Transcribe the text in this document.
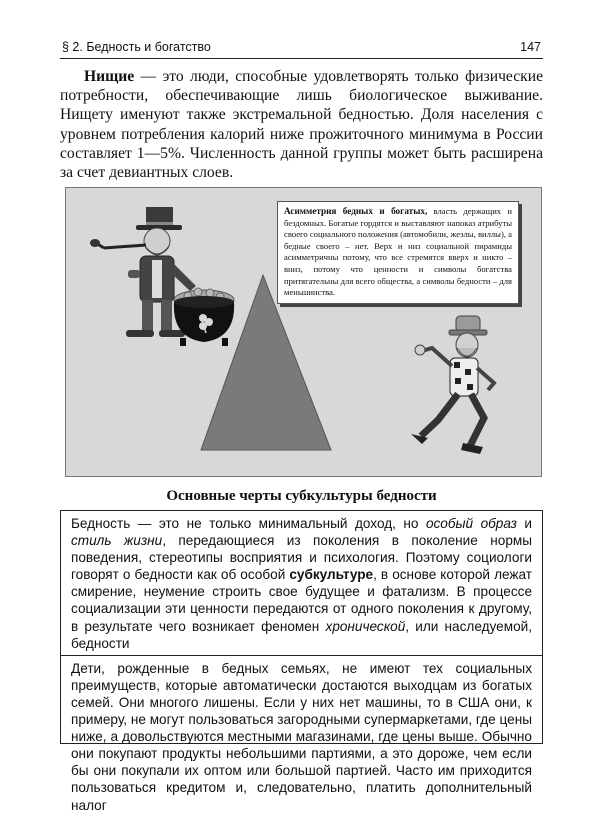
§ 2. Бедность и богатство	147

Нищие — это люди, способные удовлетворять только физические потребности, обеспечивающие лишь биологическое выживание. Нищету именуют также экстремальной бедностью. Доля населения с уровнем потребления калорий ниже прожиточного минимума в России составляет 1—5%. Численность данной группы может быть расширена за счет девиантных слоев.

Асимметрия бедных и богатых, власть держащих и бездомных. Богатые гордятся и выставляют напоказ атрибуты своего социального положения (автомобили, жезлы, виллы), а бедные своего – нет. Верх и низ социальной пирамиды асимметричны потому, что все стремятся вверх и никто – вниз, потому что ценности и символы богатства притягательны для всего общества, а символы бедности – для меньшинства.
Основные черты субкультуры бедности

Бедность — это не только минимальный доход, но особый образ и стиль жизни, передающиеся из поколения в поколение нормы поведения, стереотипы восприятия и психология. Поэтому социологи говорят о бедности как об особой субкультуре, в основе которой лежат смирение, неумение строить свое будущее и фатализм. В процессе социализации эти ценности передаются от одного поколения к другому, в результате чего возникает феномен хронической, или наследуемой, бедности

Дети, рожденные в бедных семьях, не имеют тех социальных преимуществ, которые автоматически достаются выходцам из богатых семей. Они многого лишены. Если у них нет машины, то в США они, к примеру, не могут пользоваться загородными супермаркетами, где цены ниже, а довольствуются местными магазинами, где цены выше. Обычно они покупают продукты небольшими партиями, а это дороже, чем если бы они покупали их оптом или большой партией. Часто им приходится пользоваться кредитом и, следовательно, платить дополнительный налог
